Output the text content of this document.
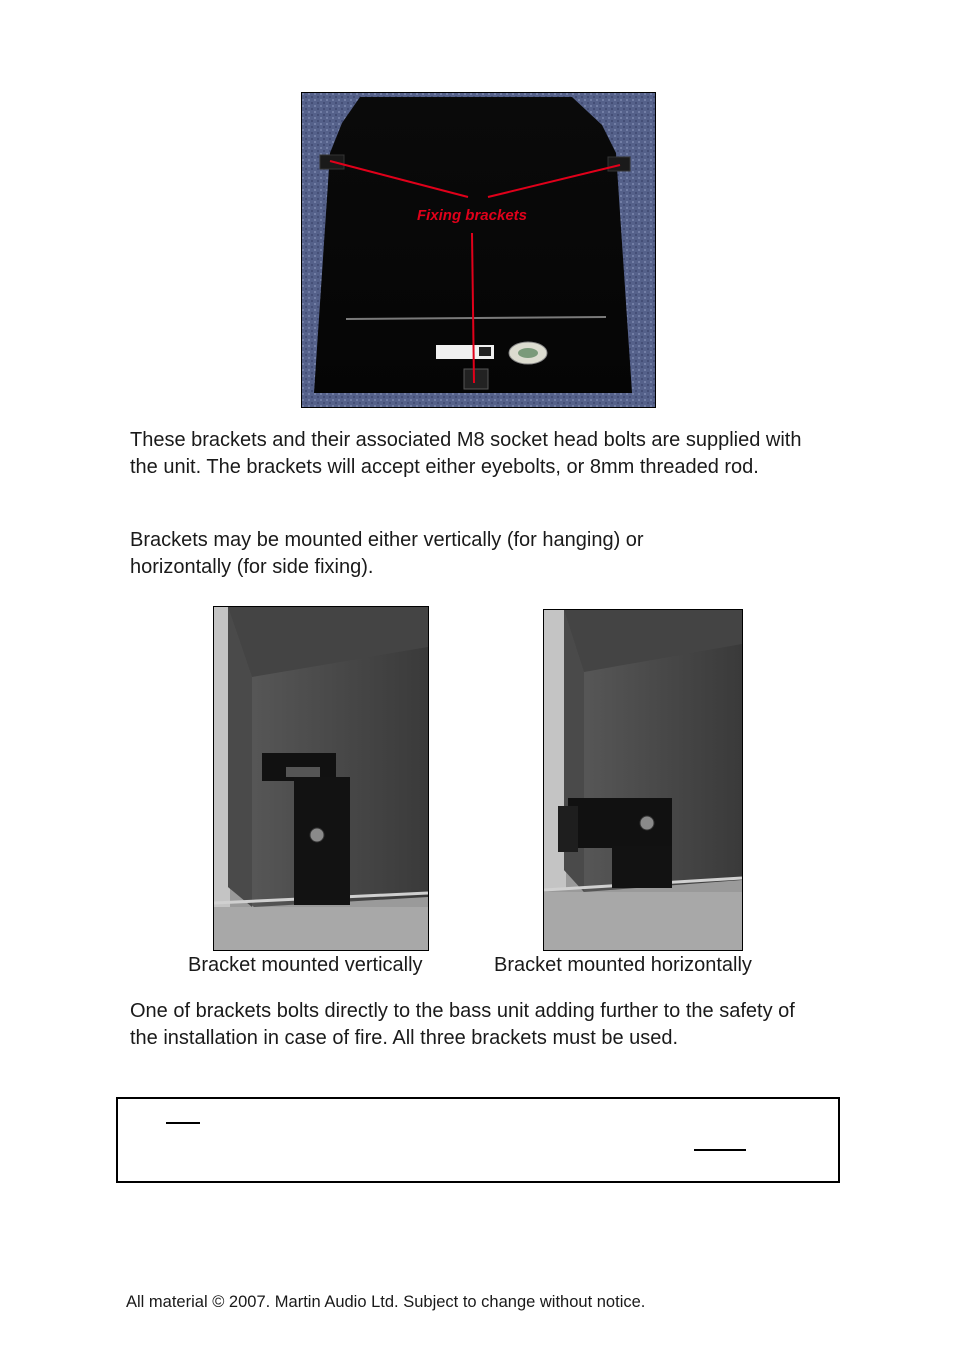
Fixing brackets

These brackets and their associated M8 socket head bolts are supplied with the unit. The brackets will accept either eyebolts, or 8mm threaded rod.

Brackets may be mounted either vertically (for hanging) or horizontally (for side fixing).

Bracket mounted vertically	Bracket mounted horizontally

One of brackets bolts directly to the bass unit adding further to the safety of the installation in case of fire. All three brackets must be used.

All material © 2007. Martin Audio Ltd. Subject to change without notice.
